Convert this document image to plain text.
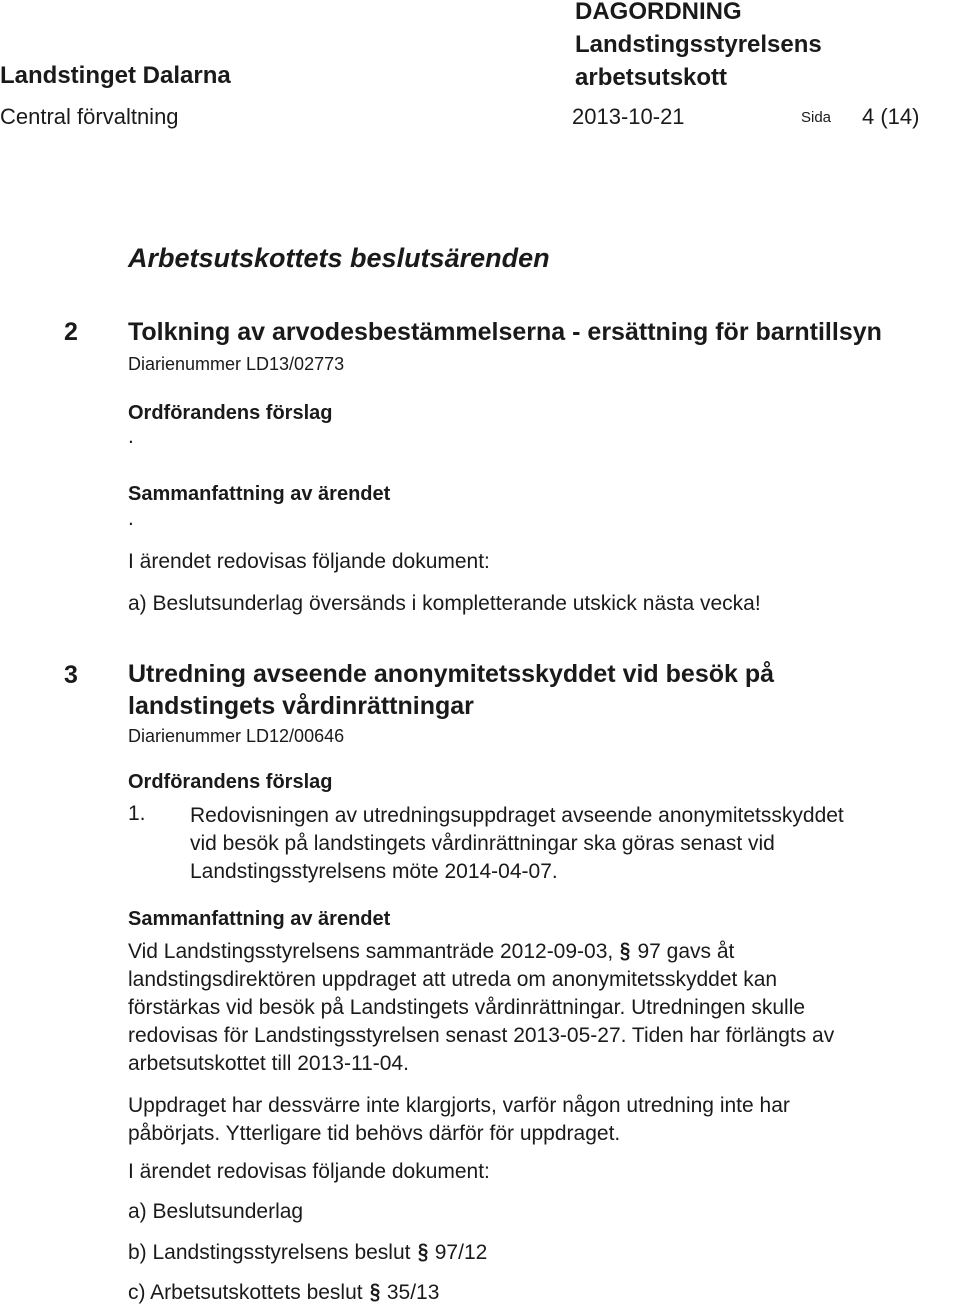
Landstinget Dalarna
DAGORDNING
Landstingsstyrelsens
arbetsutskott
Central förvaltning	2013-10-21	Sida 4 (14)
Arbetsutskottets beslutsärenden
2 Tolkning av arvodesbestämmelserna - ersättning för barntillsyn
Diarienummer LD13/02773
Ordförandens förslag
.
Sammanfattning av ärendet
.
I ärendet redovisas följande dokument:
a) Beslutsunderlag översänds i kompletterande utskick nästa vecka!
3 Utredning avseende anonymitetsskyddet vid besök på
landstingets vårdinrättningar
Diarienummer LD12/00646
Ordförandens förslag
1. Redovisningen av utredningsuppdraget avseende anonymitetsskyddet
vid besök på landstingets vårdinrättningar ska göras senast vid
Landstingsstyrelsens möte 2014-04-07.
Sammanfattning av ärendet
Vid Landstingsstyrelsens sammanträde 2012-09-03, § 97 gavs åt
landstingsdirektören uppdraget att utreda om anonymitetsskyddet kan
förstärkas vid besök på Landstingets vårdinrättningar. Utredningen skulle
redovisas för Landstingsstyrelsen senast 2013-05-27. Tiden har förlängts av
arbetsutskottet till 2013-11-04.
Uppdraget har dessvärre inte klargjorts, varför någon utredning inte har
påbörjats. Ytterligare tid behövs därför för uppdraget.
I ärendet redovisas följande dokument:
a) Beslutsunderlag
b) Landstingsstyrelsens beslut § 97/12
c) Arbetsutskottets beslut § 35/13
